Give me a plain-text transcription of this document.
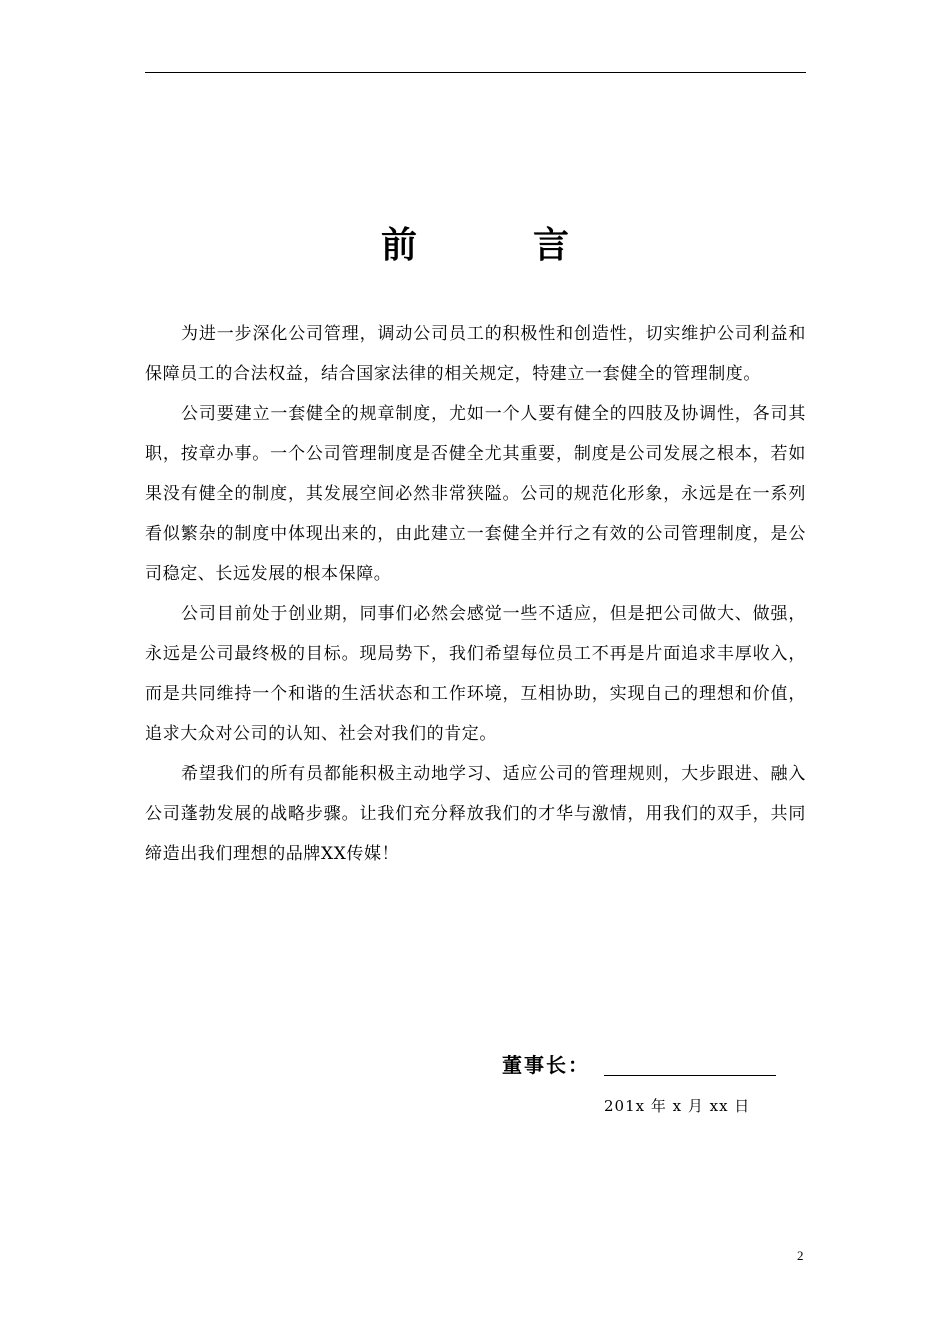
前　言

为进一步深化公司管理，调动公司员工的积极性和创造性，切实维护公司利益和保障员工的合法权益，结合国家法律的相关规定，特建立一套健全的管理制度。

公司要建立一套健全的规章制度，尤如一个人要有健全的四肢及协调性，各司其职，按章办事。一个公司管理制度是否健全尤其重要，制度是公司发展之根本，若如果没有健全的制度，其发展空间必然非常狭隘。公司的规范化形象，永远是在一系列看似繁杂的制度中体现出来的，由此建立一套健全并行之有效的公司管理制度，是公司稳定、长远发展的根本保障。

公司目前处于创业期，同事们必然会感觉一些不适应，但是把公司做大、做强，永远是公司最终极的目标。现局势下，我们希望每位员工不再是片面追求丰厚收入，而是共同维持一个和谐的生活状态和工作环境，互相协助，实现自己的理想和价值，追求大众对公司的认知、社会对我们的肯定。

希望我们的所有员都能积极主动地学习、适应公司的管理规则，大步跟进、融入公司蓬勃发展的战略步骤。让我们充分释放我们的才华与激情，用我们的双手，共同缔造出我们理想的品牌XX传媒！

董事长：
201x 年 x 月 xx 日
2
